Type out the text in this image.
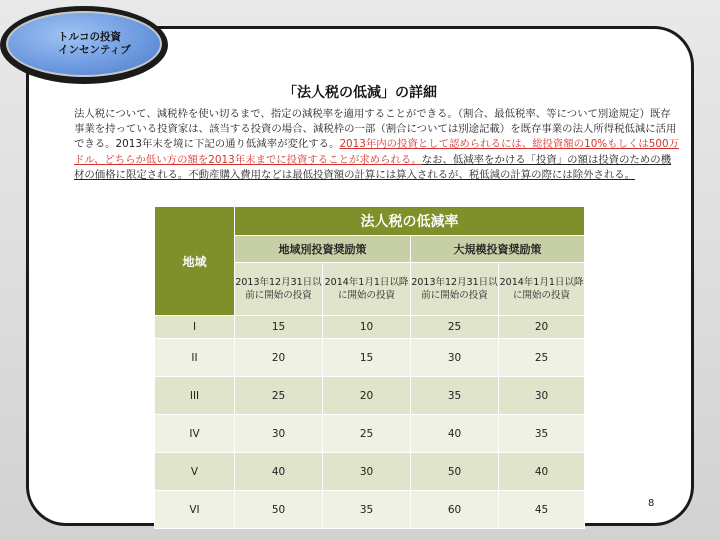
トルコの投資
インセンティブ
「法人税の低減」の詳細
法人税について、減税枠を使い切るまで、指定の減税率を適用することができる。（割合、最低税率、等について別途規定）既存事業を持っている投資家は、該当する投資の場合、減税枠の一部（割合については別途記載）を既存事業の法人所得税低減に活用できる。2013年末を境に下記の通り低減率が変化する。2013年内の投資として認められるには、総投資額の10%もしくは500万ドル、どちらか低い方の額を2013年末までに投資することが求められる。なお、低減率をかける「投資」の額は投資のための機材の価格に限定される。不動産購入費用などは最低投資額の計算には算入されるが、税低減の計算の際には除外される。
地域	法人税の低減率			
	地域別投資奨励策		大規模投資奨励策	
	2013年12月31日以前に開始の投資	2014年1月1日以降に開始の投資	2013年12月31日以前に開始の投資	2014年1月1日以降に開始の投資
I	15	10	25	20
II	20	15	30	25
III	25	20	35	30
IV	30	25	40	35
V	40	30	50	40
VI	50	35	60	45	8
